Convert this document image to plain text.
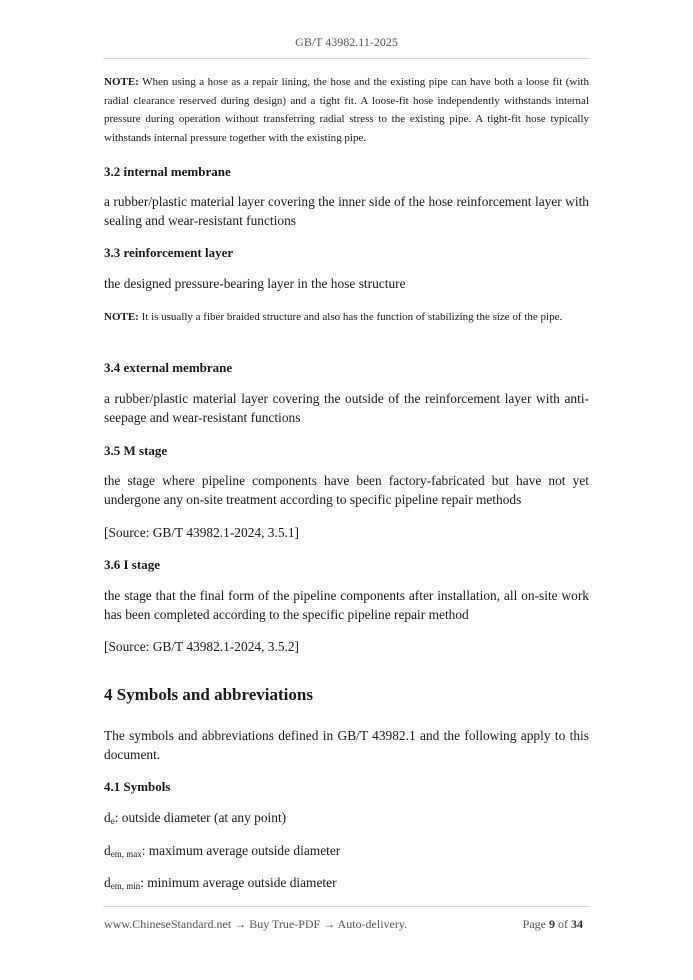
GB/T 43982.11-2025

NOTE: When using a hose as a repair lining, the hose and the existing pipe can have both a loose fit (with radial clearance reserved during design) and a tight fit. A loose-fit hose independently withstands internal pressure during operation without transferring radial stress to the existing pipe. A tight-fit hose typically withstands internal pressure together with the existing pipe.

3.2 internal membrane

a rubber/plastic material layer covering the inner side of the hose reinforcement layer with sealing and wear-resistant functions

3.3 reinforcement layer

the designed pressure-bearing layer in the hose structure

NOTE: It is usually a fiber braided structure and also has the function of stabilizing the size of the pipe.

3.4 external membrane

a rubber/plastic material layer covering the outside of the reinforcement layer with anti-seepage and wear-resistant functions

3.5 M stage

the stage where pipeline components have been factory-fabricated but have not yet undergone any on-site treatment according to specific pipeline repair methods

[Source: GB/T 43982.1-2024, 3.5.1]

3.6 I stage

the stage that the final form of the pipeline components after installation, all on-site work has been completed according to the specific pipeline repair method

[Source: GB/T 43982.1-2024, 3.5.2]

4 Symbols and abbreviations

The symbols and abbreviations defined in GB/T 43982.1 and the following apply to this document.

4.1 Symbols

$d_e$: outside diameter (at any point)

$d_{em, max}$: maximum average outside diameter

$d_{em, min}$: minimum average outside diameter

www.ChineseStandard.net → Buy True-PDF → Auto-delivery.	Page 9 of 34
